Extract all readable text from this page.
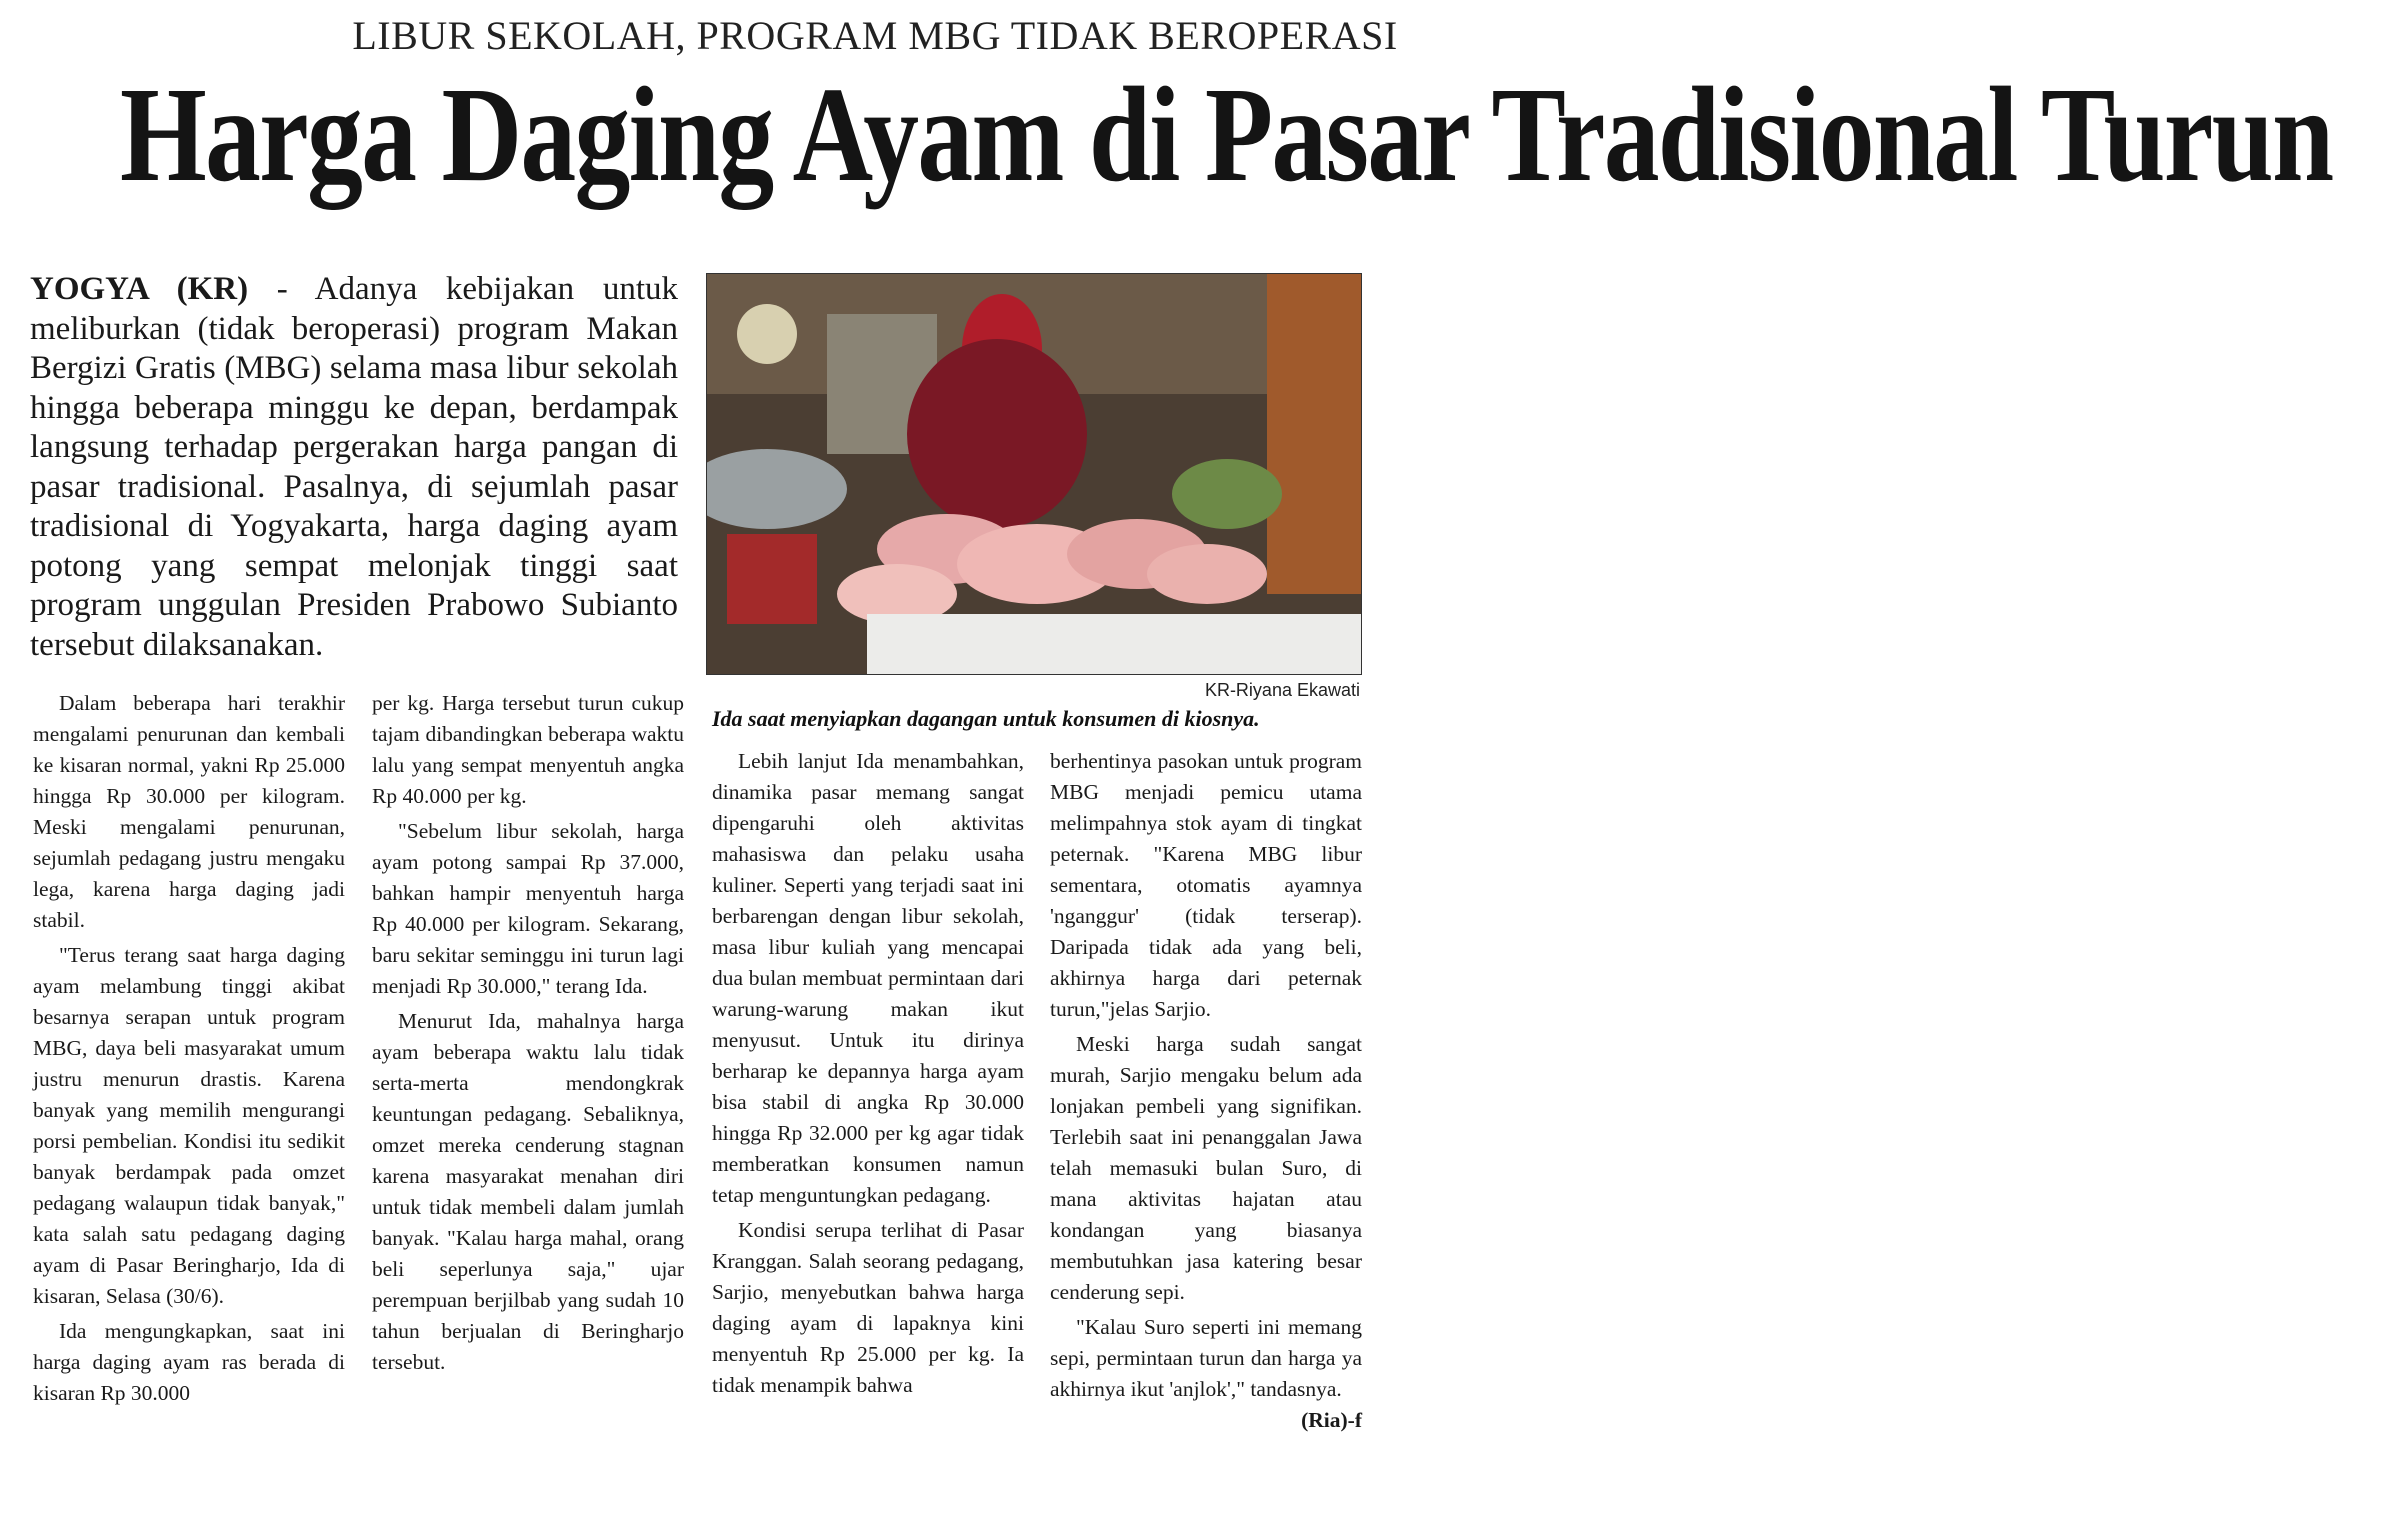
LIBUR SEKOLAH, PROGRAM MBG TIDAK BEROPERASI
Harga Daging Ayam di Pasar Tradisional Turun
YOGYA (KR) - Adanya kebijakan untuk meliburkan (tidak beroperasi) program Makan Bergizi Gratis (MBG) selama masa libur sekolah hingga beberapa minggu ke depan, berdampak langsung terhadap pergerakan harga pangan di pasar tradisional. Pasalnya, di sejumlah pasar tradisional di Yogyakarta, harga daging ayam potong yang sempat melonjak tinggi saat program unggulan Presiden Prabowo Subianto tersebut dilaksanakan.
KR-Riyana Ekawati
Ida saat menyiapkan dagangan untuk konsumen di kiosnya.

Dalam beberapa hari terakhir mengalami penurunan dan kembali ke kisaran normal, yakni Rp 25.000 hingga Rp 30.000 per kilogram. Meski mengalami penurunan, sejumlah pedagang justru mengaku lega, karena harga daging jadi stabil.

"Terus terang saat harga daging ayam melambung tinggi akibat besarnya serapan untuk program MBG, daya beli masyarakat umum justru menurun drastis. Karena banyak yang memilih mengurangi porsi pembelian. Kondisi itu sedikit banyak berdampak pada omzet pedagang walaupun tidak banyak," kata salah satu pedagang daging ayam di Pasar Beringharjo, Ida di kisaran, Selasa (30/6).

Ida mengungkapkan, saat ini harga daging ayam ras berada di kisaran Rp 30.000

per kg. Harga tersebut turun cukup tajam dibandingkan beberapa waktu lalu yang sempat menyentuh angka Rp 40.000 per kg.

"Sebelum libur sekolah, harga ayam potong sampai Rp 37.000, bahkan hampir menyentuh harga Rp 40.000 per kilogram. Sekarang, baru sekitar seminggu ini turun lagi menjadi Rp 30.000," terang Ida.

Menurut Ida, mahalnya harga ayam beberapa waktu lalu tidak serta-merta mendongkrak keuntungan pedagang. Sebaliknya, omzet mereka cenderung stagnan karena masyarakat menahan diri untuk tidak membeli dalam jumlah banyak. "Kalau harga mahal, orang beli seperlunya saja," ujar perempuan berjilbab yang sudah 10 tahun berjualan di Beringharjo tersebut.

Lebih lanjut Ida menambahkan, dinamika pasar memang sangat dipengaruhi oleh aktivitas mahasiswa dan pelaku usaha kuliner. Seperti yang terjadi saat ini berbarengan dengan libur sekolah, masa libur kuliah yang mencapai dua bulan membuat permintaan dari warung-warung makan ikut menyusut. Untuk itu dirinya berharap ke depannya harga ayam bisa stabil di angka Rp 30.000 hingga Rp 32.000 per kg agar tidak memberatkan konsumen namun tetap menguntungkan pedagang.

Kondisi serupa terlihat di Pasar Kranggan. Salah seorang pedagang, Sarjio, menyebutkan bahwa harga daging ayam di lapaknya kini menyentuh Rp 25.000 per kg. Ia tidak menampik bahwa

berhentinya pasokan untuk program MBG menjadi pemicu utama melimpahnya stok ayam di tingkat peternak. "Karena MBG libur sementara, otomatis ayamnya 'nganggur' (tidak terserap). Daripada tidak ada yang beli, akhirnya harga dari peternak turun,"jelas Sarjio.

Meski harga sudah sangat murah, Sarjio mengaku belum ada lonjakan pembeli yang signifikan. Terlebih saat ini penanggalan Jawa telah memasuki bulan Suro, di mana aktivitas hajatan atau kondangan yang biasanya membutuhkan jasa katering besar cenderung sepi.

"Kalau Suro seperti ini memang sepi, permintaan turun dan harga ya akhirnya ikut 'anjlok'," tandasnya.
(Ria)-f
